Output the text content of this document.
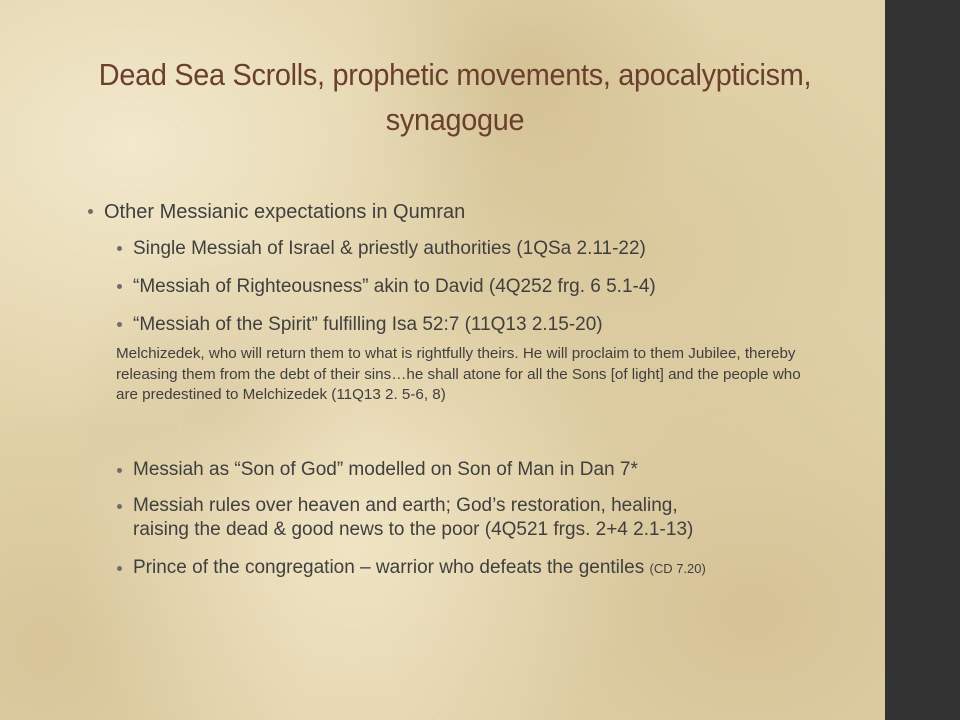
Dead Sea Scrolls, prophetic movements, apocalypticism,
synagogue
Other Messianic expectations in Qumran
Single Messiah of Israel & priestly authorities (1QSa 2.11-22)
“Messiah of Righteousness” akin to David (4Q252 frg. 6 5.1-4)
“Messiah of the Spirit” fulfilling Isa 52:7 (11Q13 2.15-20)
Melchizedek, who will return them to what is rightfully theirs. He will proclaim to them Jubilee, thereby releasing them from the debt of their sins…he shall atone for all the Sons [of light] and the people who are predestined to Melchizedek (11Q13 2. 5-6, 8)
Messiah as “Son of God” modelled on Son of Man in Dan 7*
Messiah rules over heaven and earth; God’s restoration, healing,
raising the dead & good news to the poor (4Q521 frgs. 2+4 2.1-13)
Prince of the congregation – warrior who defeats the gentiles (CD 7.20)
